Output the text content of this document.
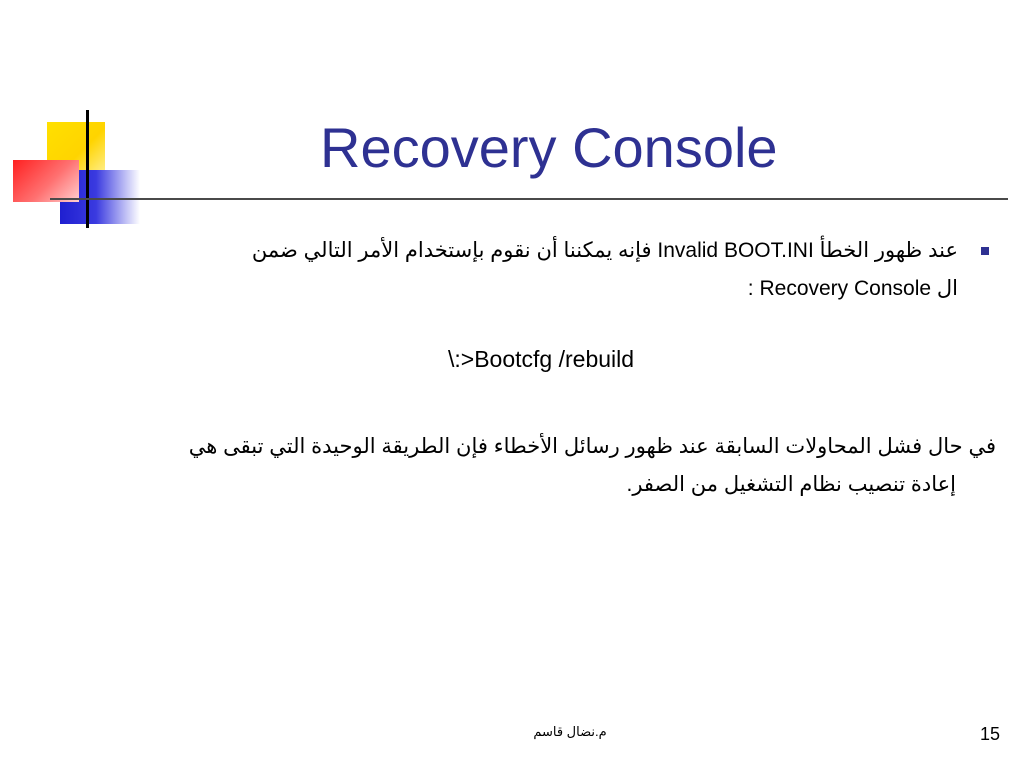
Recovery Console
عند ظهور الخطأ Invalid BOOT.INI فإنه يمكننا أن نقوم بإستخدام الأمر التالي ضمن
ال Recovery Console :
\:>Bootcfg /rebuild
في حال فشل المحاولات السابقة عند ظهور رسائل الأخطاء فإن الطريقة الوحيدة التي تبقى هي
إعادة تنصيب نظام التشغيل من الصفر.
م.نضال قاسم	15
